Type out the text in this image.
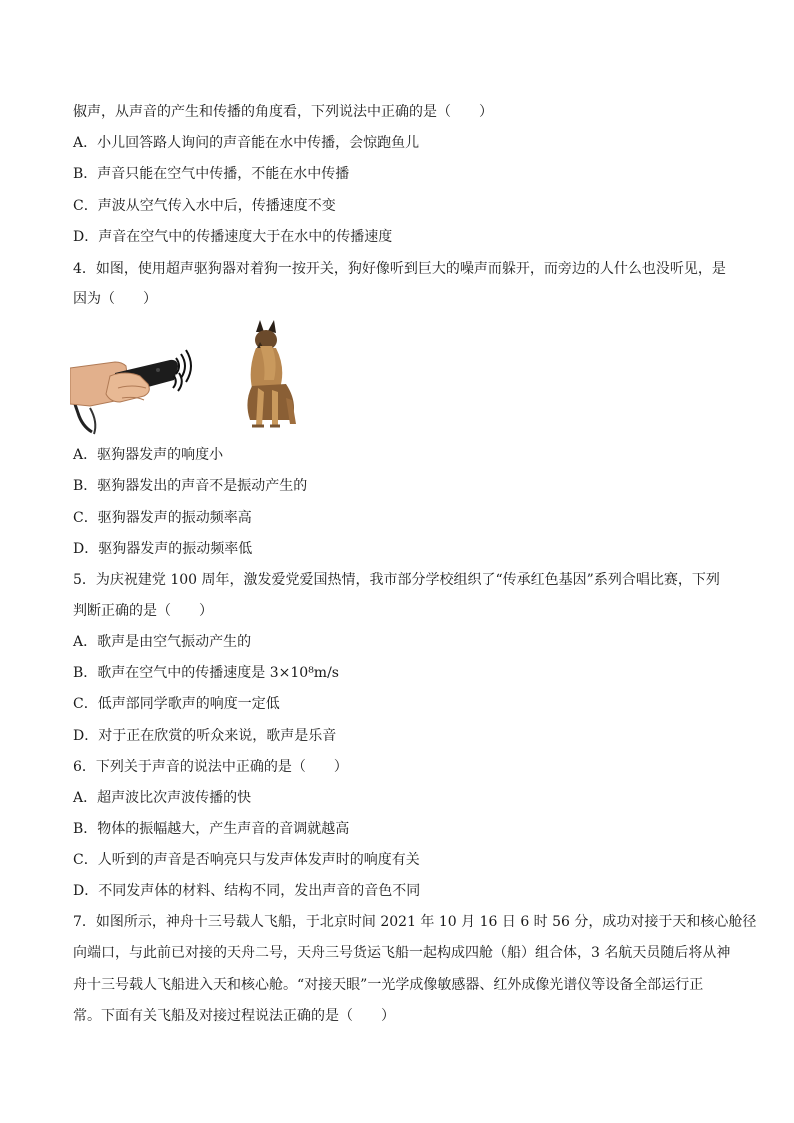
俶声，从声音的产生和传播的角度看，下列说法中正确的是（　　）
A．小儿回答路人询问的声音能在水中传播，会惊跑鱼儿
B．声音只能在空气中传播，不能在水中传播
C．声波从空气传入水中后，传播速度不变
D．声音在空气中的传播速度大于在水中的传播速度
4．如图，使用超声驱狗器对着狗一按开关，狗好像听到巨大的噪声而躲开，而旁边的人什么也没听见，是
因为（　　）
A．驱狗器发声的响度小
B．驱狗器发出的声音不是振动产生的
C．驱狗器发声的振动频率高
D．驱狗器发声的振动频率低
5．为庆祝建党 100 周年，激发爱党爱国热情，我市部分学校组织了“传承红色基因”系列合唱比赛，下列
判断正确的是（　　）
A．歌声是由空气振动产生的
B．歌声在空气中的传播速度是 3×10⁸m/s
C．低声部同学歌声的响度一定低
D．对于正在欣赏的听众来说，歌声是乐音
6．下列关于声音的说法中正确的是（　　）
A．超声波比次声波传播的快
B．物体的振幅越大，产生声音的音调就越高
C．人听到的声音是否响亮只与发声体发声时的响度有关
D．不同发声体的材料、结构不同，发出声音的音色不同
7．如图所示，神舟十三号载人飞船，于北京时间 2021 年 10 月 16 日 6 时 56 分，成功对接于天和核心舱径
向端口，与此前已对接的天舟二号，天舟三号货运飞船一起构成四舱（船）组合体，3 名航天员随后将从神
舟十三号载人飞船进入天和核心舱。“对接天眼”一光学成像敏感器、红外成像光谱仪等设备全部运行正
常。下面有关飞船及对接过程说法正确的是（　　）
